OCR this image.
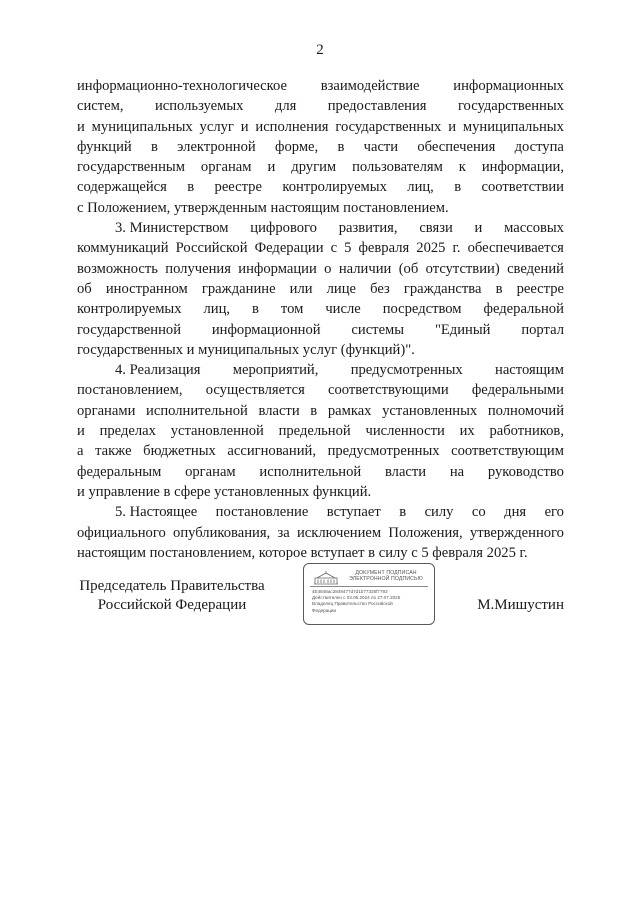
2
информационно-технологическое взаимодействие информационных
систем, используемых для предоставления государственных
и муниципальных услуг и исполнения государственных и муниципальных
функций в электронной форме, в части обеспечения доступа
государственным органам и другим пользователям к информации,
содержащейся в реестре контролируемых лиц, в соответствии
с Положением, утвержденным настоящим постановлением.
3. Министерством цифрового развития, связи и массовых
коммуникаций Российской Федерации с 5 февраля 2025 г. обеспечивается
возможность получения информации о наличии (об отсутствии) сведений
об иностранном гражданине или лице без гражданства в реестре
контролируемых лиц, в том числе посредством федеральной
государственной информационной системы "Единый портал
государственных и муниципальных услуг (функций)".
4. Реализация мероприятий, предусмотренных настоящим
постановлением, осуществляется соответствующими федеральными
органами исполнительной власти в рамках установленных полномочий
и пределах установленной предельной численности их работников,
а также бюджетных ассигнований, предусмотренных соответствующим
федеральным органам исполнительной власти на руководство
и управление в сфере установленных функций.
5. Настоящее постановление вступает в силу со дня его
официального опубликования, за исключением Положения, утвержденного
настоящим постановлением, которое вступает в силу с 5 февраля 2025 г.
Председатель Правительства
Российской Федерации
ДОКУМЕНТ ПОДПИСАН
ЭЛЕКТРОННОЙ ПОДПИСЬЮ
4E4848ac2848477d7d1b77335f7792
Действителен с 03.05.2024 по 27.07.2025
Владелец Правительство Российской
Федерации	М.Мишустин
